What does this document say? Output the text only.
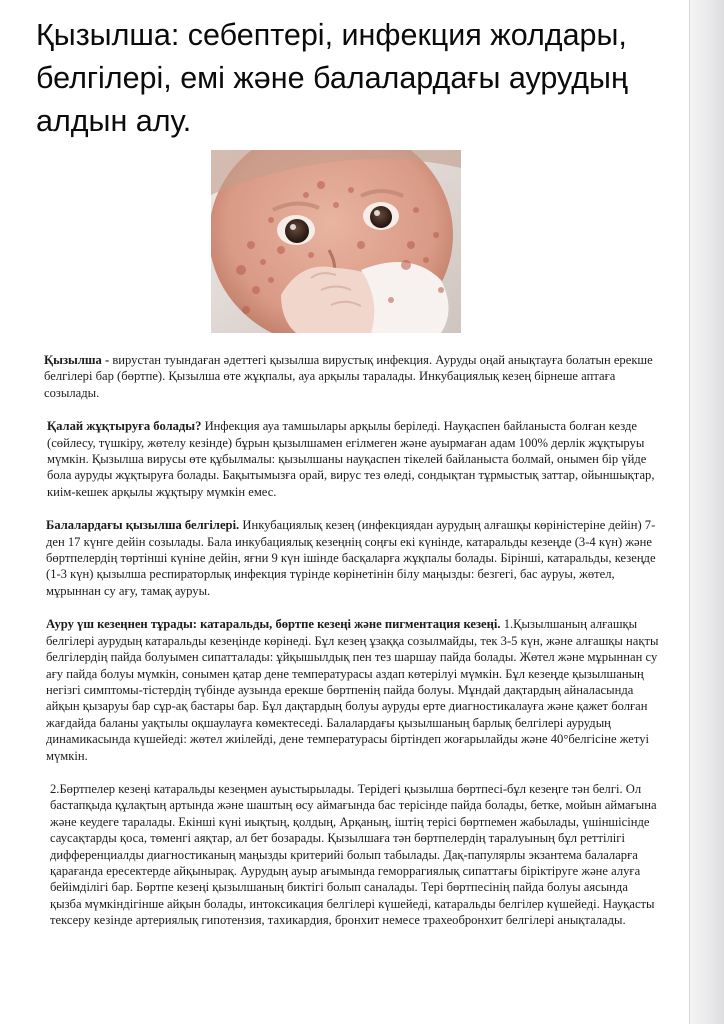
Қызылша: себептері, инфекция жолдары, белгілері, емі және балалардағы аурудың алдын алу.

Қызылша - вирустан туындаған әдеттегі қызылша вирустық инфекция. Ауруды оңай анықтауға болатын ерекше белгілері бар (бөртпе). Қызылша өте жұқпалы, ауа арқылы таралады. Инкубациялық кезең бірнеше аптаға созылады.

Қалай жұқтыруға болады? Инфекция ауа тамшылары арқылы беріледі. Науқаспен байланыста болған кезде (сөйлесу, түшкіру, жөтелу кезінде) бұрын қызылшамен егілмеген және ауырмаған адам 100% дерлік жұқтыруы мүмкін. Қызылша вирусы өте құбылмалы: қызылшаны науқаспен тікелей байланыста болмай, онымен бір үйде бола ауруды жұқтыруға болады. Бақытымызға орай, вирус тез өледі, сондықтан тұрмыстық заттар, ойыншықтар, киім-кешек арқылы жұқтыру мүмкін емес.

Балалардағы қызылша белгілері. Инкубациялық кезең (инфекциядан аурудың алғашқы көріністеріне дейін) 7-ден 17 күнге дейін созылады. Бала инкубациялық кезеңнің соңғы екі күнінде, катаральды кезеңде (3-4 күн) және бөртпелердің төртінші күніне дейін, яғни 9 күн ішінде басқаларға жұқпалы болады. Бірінші, катаральды, кезеңде (1-3 күн) қызылша респираторлық инфекция түрінде көрінетінін білу маңызды: безгегі, бас ауруы, жөтел, мұрыннан су ағу, тамақ ауруы.

Ауру үш кезеңнен тұрады: катаральды, бөртпе кезеңі және пигментация кезеңі. 1.Қызылшаның алғашқы белгілері аурудың катаральды кезеңінде көрінеді. Бұл кезең ұзаққа созылмайды, тек 3-5 күн, және алғашқы нақты белгілердің пайда болуымен сипатталады: ұйқышылдық пен тез шаршау пайда болады. Жөтел және мұрыннан су ағу пайда болуы мүмкін, сонымен қатар дене температурасы аздап көтерілуі мүмкін. Бұл кезеңде қызылшаның негізгі симптомы-тістердің түбінде аузында ерекше бөртпенің пайда болуы. Мұндай дақтардың айналасында айқын қызаруы бар сұр-ақ бастары бар. Бұл дақтардың болуы ауруды ерте диагностикалауға және қажет болған жағдайда баланы уақтылы оқшаулауға көмектеседі. Балалардағы қызылшаның барлық белгілері аурудың динамикасында күшейеді: жөтел жиілейді, дене температурасы біртіндеп жоғарылайды және 40°белгісіне жетуі мүмкін.

2.Бөртпелер кезеңі катаральды кезеңмен ауыстырылады. Терідегі қызылша бөртпесі-бұл кезеңге тән белгі. Ол бастапқыда құлақтың артында және шаштың өсу аймағында бас терісінде пайда болады, бетке, мойын аймағына және кеудеге таралады. Екінші күні иықтың, қолдың, Арқаның, іштің терісі бөртпемен жабылады, үшіншісінде саусақтарды қоса, төменгі аяқтар, ал бет бозарады. Қызылшаға тән бөртпелердің таралуының бұл реттілігі дифференциалды диагностиканың маңызды критерийі болып табылады. Дақ-папулярлы экзантема балаларға қарағанда ересектерде айқынырақ. Аурудың ауыр ағымында геморрагиялық сипаттағы біріктіруге және алуға бейімділігі бар. Бөртпе кезеңі қызылшаның биктігі болып саналады. Тері бөртпесінің пайда болуы аясында қызба мүмкіндігінше айқын болады, интоксикация белгілері күшейеді, катаральды белгілер күшейеді. Науқасты тексеру кезінде артериялық гипотензия, тахикардия, бронхит немесе трахеобронхит белгілері анықталады.
